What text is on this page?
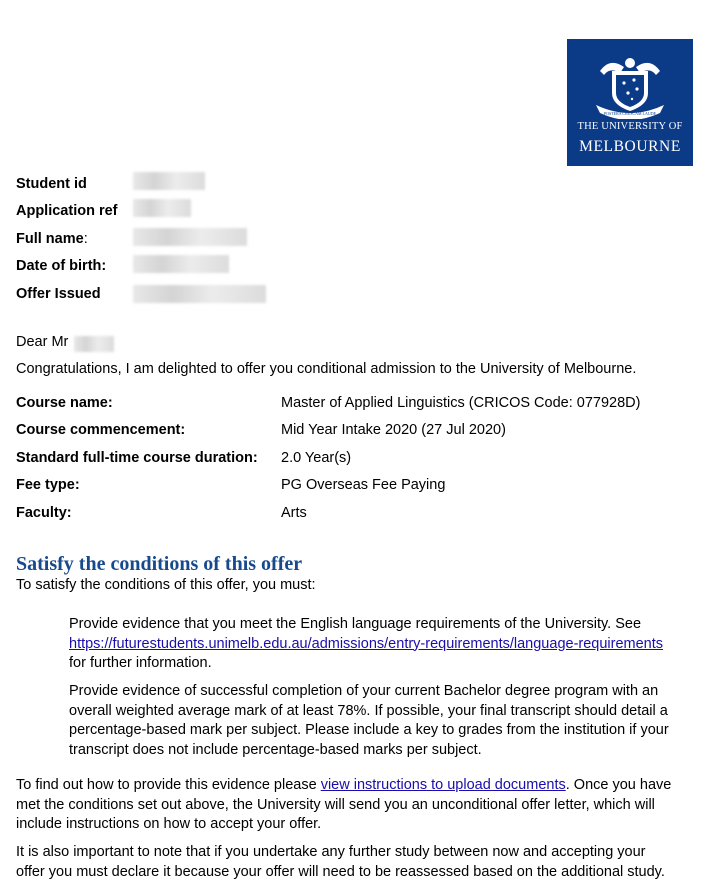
POSTERA CRESCAM LAUDE
THE UNIVERSITY OF
MELBOURNE
Student id
Application ref
Full name:
Date of birth:
Offer Issued
Dear Mr
Congratulations, I am delighted to offer you conditional admission to the University of Melbourne.
Course name:	Master of Applied Linguistics (CRICOS Code: 077928D)
Course commencement:	Mid Year Intake 2020 (27 Jul 2020)
Standard full-time course duration:	2.0 Year(s)
Fee type:	PG Overseas Fee Paying
Faculty:	Arts
Satisfy the conditions of this offer
To satisfy the conditions of this offer, you must:
Provide evidence that you meet the English language requirements of the University. See https://futurestudents.unimelb.edu.au/admissions/entry-requirements/language-requirements for further information.
Provide evidence of successful completion of your current Bachelor degree program with an overall weighted average mark of at least 78%. If possible, your final transcript should detail a percentage-based mark per subject. Please include a key to grades from the institution if your transcript does not include percentage-based marks per subject.
To find out how to provide this evidence please view instructions to upload documents. Once you have met the conditions set out above, the University will send you an unconditional offer letter, which will include instructions on how to accept your offer.
It is also important to note that if you undertake any further study between now and accepting your offer you must declare it because your offer will need to be reassessed based on the additional study.
